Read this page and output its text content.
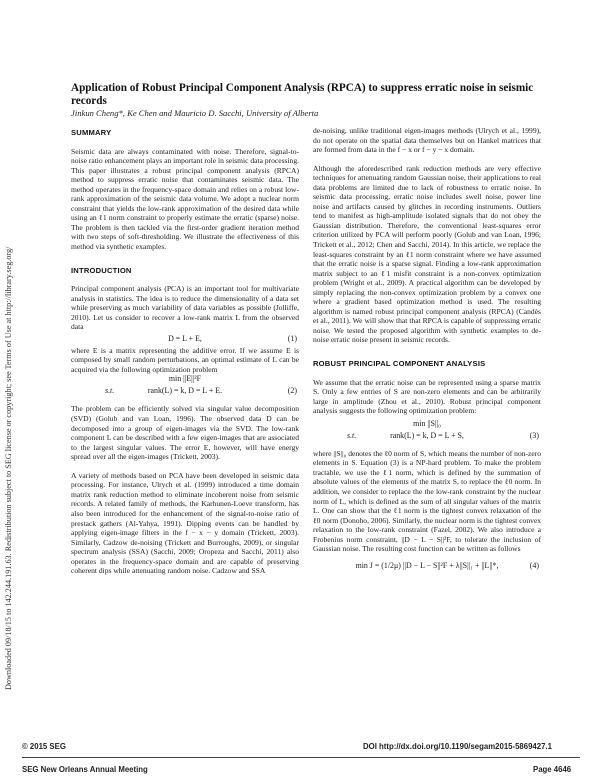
Downloaded 09/18/15 to 142.244.191.63. Redistribution subject to SEG license or copyright; see Terms of Use at http://library.seg.org/
Application of Robust Principal Component Analysis (RPCA) to suppress erratic noise in seismic records
Jinkun Cheng*, Ke Chen and Mauricio D. Sacchi, University of Alberta
SUMMARY

Seismic data are always contaminated with noise. Therefore, signal-to-noise ratio enhancement plays an important role in seismic data processing. This paper illustrates a robust principal component analysis (RPCA) method to suppress erratic noise that contaminates seismic data. The method operates in the frequency-space domain and relies on a robust low-rank approximation of the seismic data volume. We adopt a nuclear norm constraint that yields the low-rank approximation of the desired data while using an ℓ1 norm constraint to properly estimate the erratic (sparse) noise. The problem is then tackled via the first-order gradient iteration method with two steps of soft-thresholding. We illustrate the effectiveness of this method via synthetic examples.

INTRODUCTION

Principal component analysis (PCA) is an important tool for multivariate analysis in statistics. The idea is to reduce the dimensionality of a data set while preserving as much variability of data variables as possible (Jolliffe, 2010). Let us consider to recover a low-rank matrix L from the observed data

D = L + E,	(1)

where E is a matrix representing the additive error. If we assume E is composed by small random perturbations, an optimal estimate of L can be acquired via the following optimization problem

min ||E||²F
s.t.	rank(L) = k, D = L + E.	(2)

The problem can be efficiently solved via singular value decomposition (SVD) (Golub and van Loan, 1996). The observed data D can be decomposed into a group of eigen-images via the SVD. The low-rank component L can be described with a few eigen-images that are associated to the largest singular values. The error E, however, will have energy spread over all the eigen-images (Trickett, 2003).

A variety of methods based on PCA have been developed in seismic data processing. For instance, Ulrych et al. (1999) introduced a time domain matrix rank reduction method to eliminate incoherent noise from seismic records. A related family of methods, the Karhunen-Loeve transform, has also been introduced for the enhancement of the signal-to-noise ratio of prestack gathers (Al-Yahya, 1991). Dipping events can be handled by applying eigen-image filters in the f − x − y domain (Trickett, 2003). Similarly, Cadzow de-noising (Trickett and Burroughs, 2009), or singular spectrum analysis (SSA) (Sacchi, 2009; Oropeza and Sacchi, 2011) also operates in the frequency-space domain and are capable of preserving coherent dips while attenuating random noise. Cadzow and SSA

de-noising, unlike traditional eigen-images methods (Ulrych et al., 1999), do not operate on the spatial data themselves but on Hankel matrices that are formed from data in the f − x or f − y − x domain.

Although the aforedescribed rank reduction methods are very effective techniques for attenuating random Gaussian noise, their applications to real data problems are limited due to lack of robustness to erratic noise. In seismic data processing, erratic noise includes swell noise, power line noise and artifacts caused by glitches in recording instruments. Outliers tend to manifest as high-amplitude isolated signals that do not obey the Gaussian distribution. Therefore, the conventional least-squares error criterion utilized by PCA will perform poorly (Golub and van Loan, 1996; Trickett et al., 2012; Chen and Sacchi, 2014). In this article, we replace the least-squares constraint by an ℓ1 norm constraint where we have assumed that the erratic noise is a sparse signal. Finding a low-rank approximation matrix subject to an ℓ1 misfit constraint is a non-convex optimization problem (Wright et al., 2009). A practical algorithm can be developed by simply replacing the non-convex optimization problem by a convex one where a gradient based optimization method is used. The resulting algorithm is named robust principal component analysis (RPCA) (Candès et al., 2011). We will show that that RPCA is capable of suppressing erratic noise. We tested the proposed algorithm with synthetic examples to de-noise erratic noise present in seismic records.

ROBUST PRINCIPAL COMPONENT ANALYSIS

We assume that the erratic noise can be represented using a sparse matrix S. Only a few entries of S are non-zero elements and can be arbitrarily large in amplitude (Zhou et al., 2010). Robust principal component analysis suggests the following optimization problem:

min ||S||₀
s.t.	rank(L) = k, D = L + S,	(3)

where ||S||₀ denotes the ℓ0 norm of S, which means the number of non-zero elements in S. Equation (3) is a NP-hard problem. To make the problem tractable, we use the ℓ1 norm, which is defined by the summation of absolute values of the elements of the matrix S, to replace the ℓ0 norm. In addition, we consider to replace the the low-rank constraint by the nuclear norm of L, which is defined as the sum of all singular values of the matrix L. One can show that the ℓ1 norm is the tightest convex relaxation of the ℓ0 norm (Donoho, 2006). Similarly, the nuclear norm is the tightest convex relaxation to the low-rank constraint (Fazel, 2002). We also introduce a Frobenius norm constraint, ||D − L − S||²F, to tolerate the inclusion of Gaussian noise. The resulting cost function can be written as follows

min J = (1/2μ) ||D − L − S||²F + λ||S||₁ + ||L||*,	(4)
© 2015 SEG
SEG New Orleans Annual Meeting
DOI http://dx.doi.org/10.1190/segam2015-5869427.1
Page 4646
